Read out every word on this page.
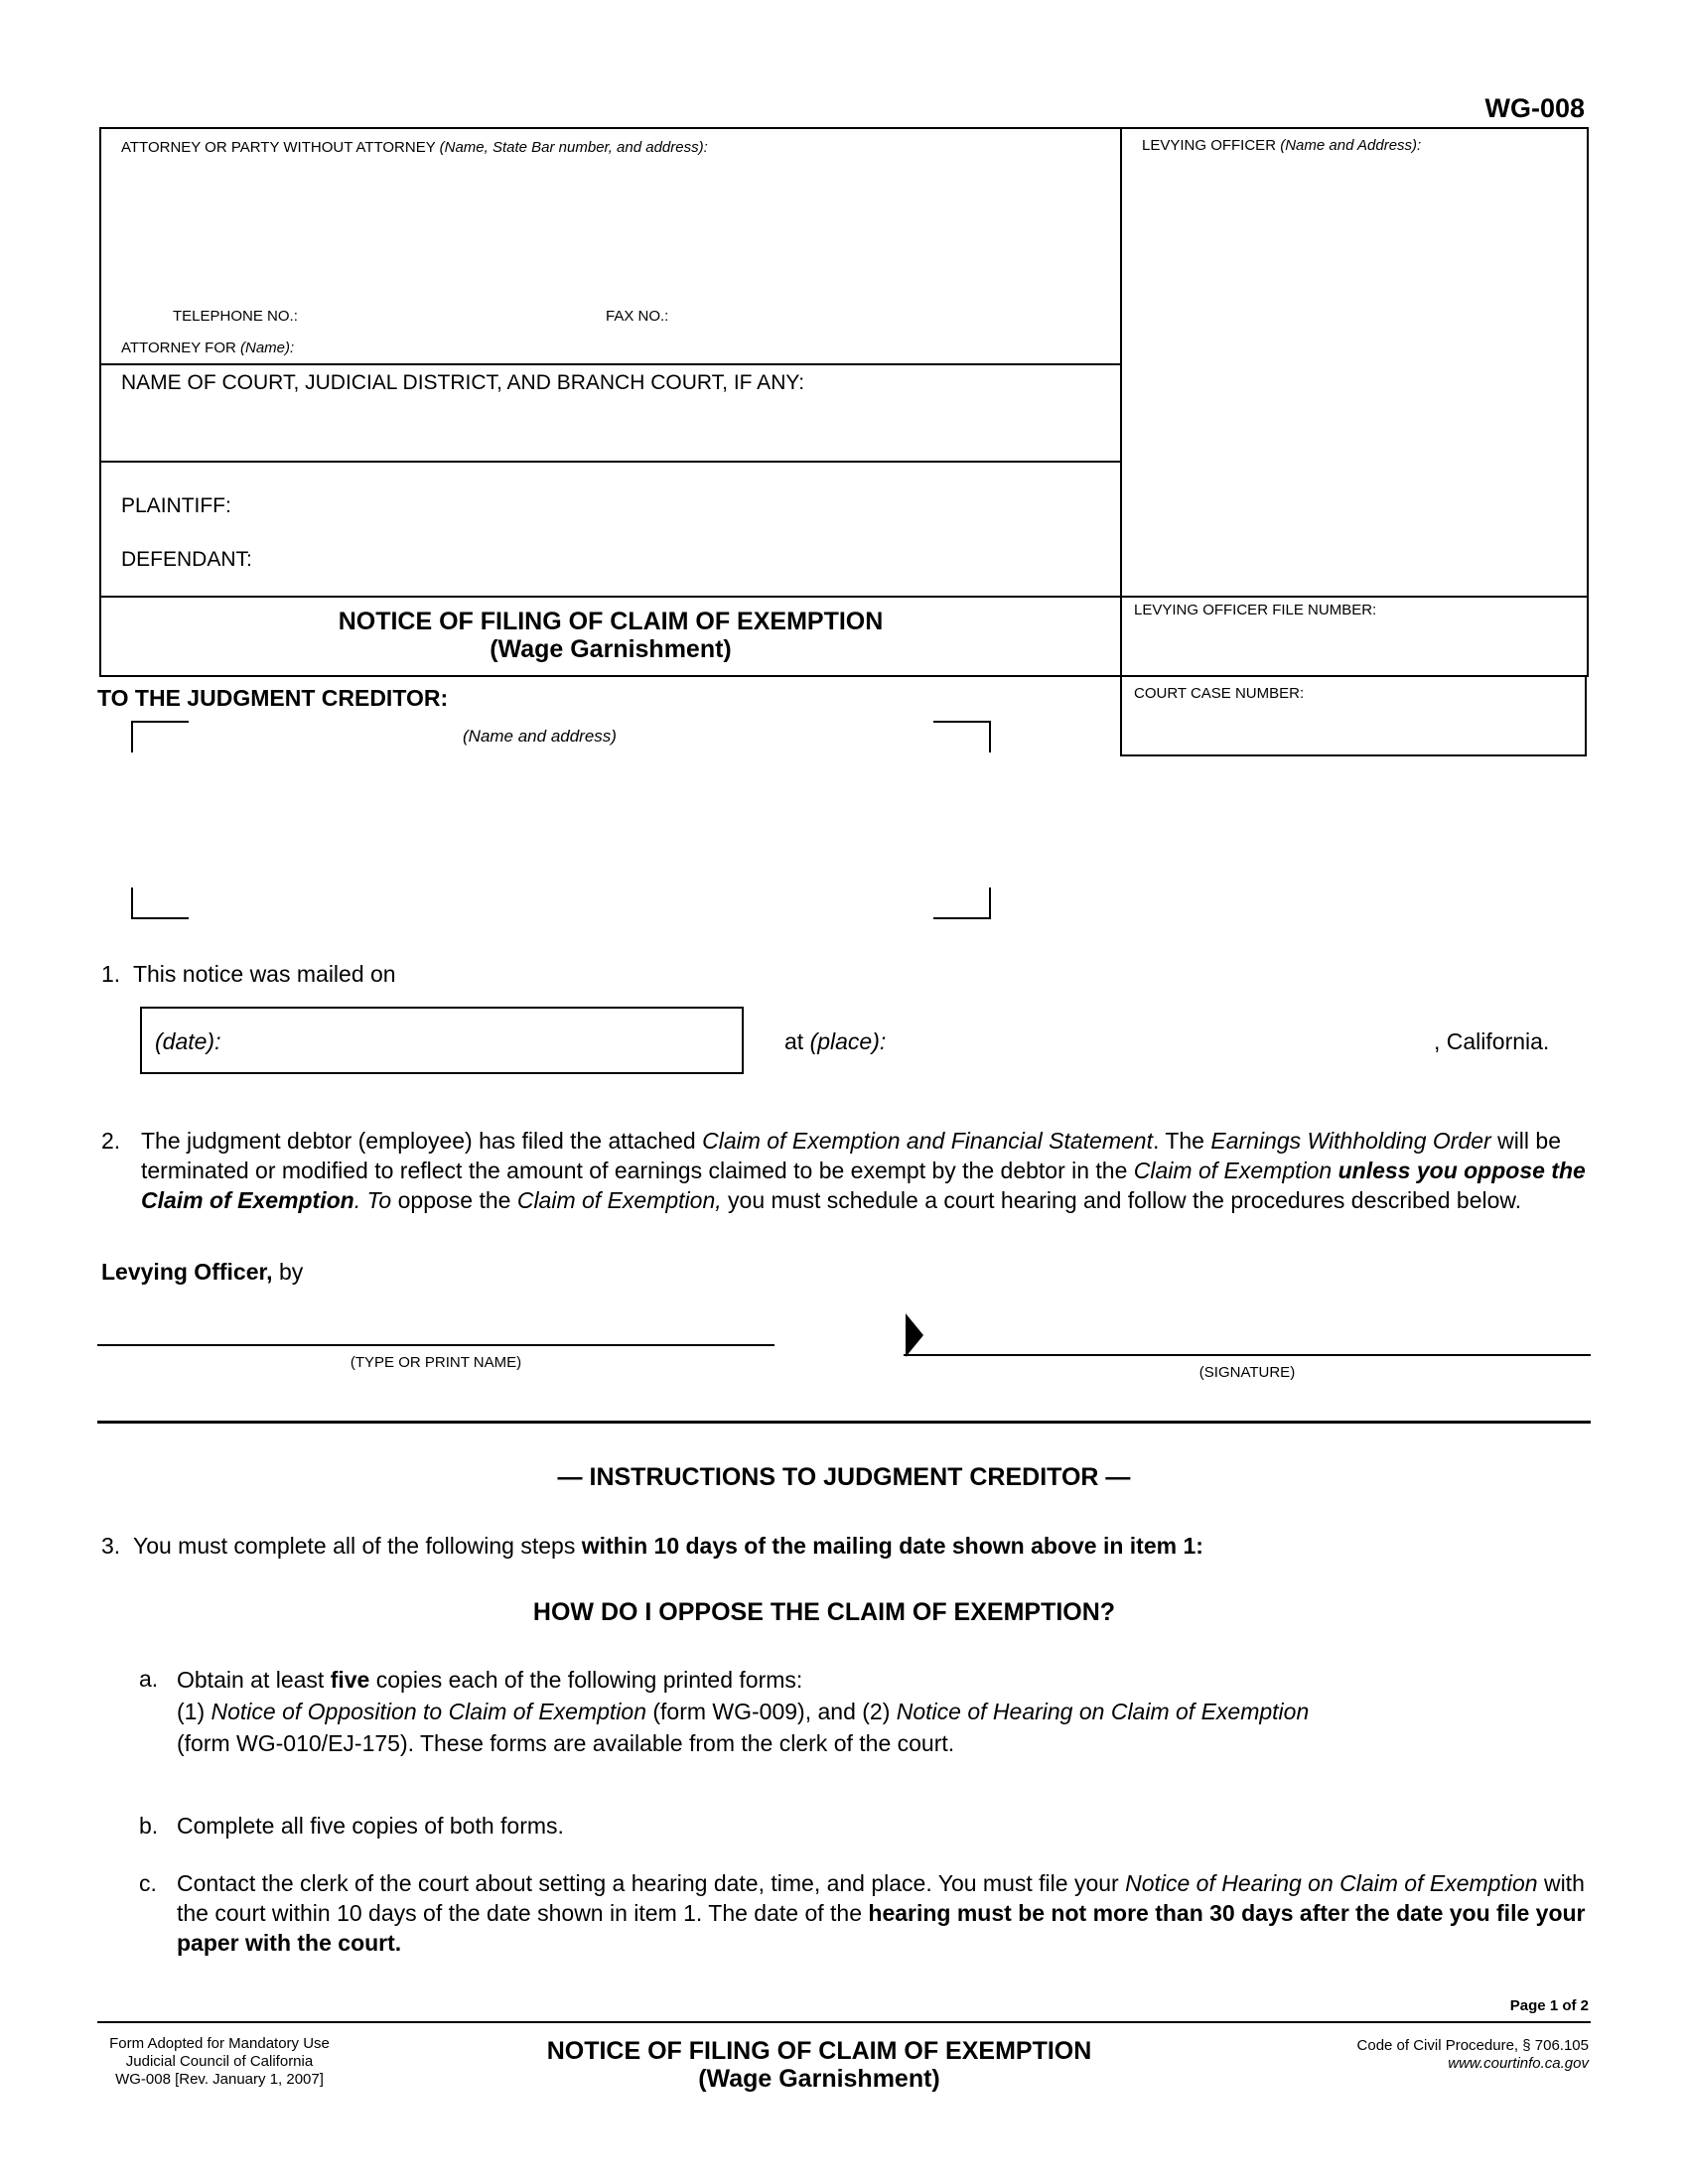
WG-008
ATTORNEY OR PARTY WITHOUT ATTORNEY (Name, State Bar number, and address):
TELEPHONE NO.:	FAX NO.:
ATTORNEY FOR (Name):
NAME OF COURT, JUDICIAL DISTRICT, AND BRANCH COURT, IF ANY:
PLAINTIFF:
DEFENDANT:
NOTICE OF FILING OF CLAIM OF EXEMPTION
(Wage Garnishment)
LEVYING OFFICER (Name and Address):
LEVYING OFFICER FILE NUMBER:
COURT CASE NUMBER:
TO THE JUDGMENT CREDITOR:
(Name and address)
1. This notice was mailed on
(date):	at (place):	, California.
2. The judgment debtor (employee) has filed the attached Claim of Exemption and Financial Statement. The Earnings Withholding Order will be terminated or modified to reflect the amount of earnings claimed to be exempt by the debtor in the Claim of Exemption unless you oppose the Claim of Exemption. To oppose the Claim of Exemption, you must schedule a court hearing and follow the procedures described below.
Levying Officer, by
(TYPE OR PRINT NAME)
(SIGNATURE)
— INSTRUCTIONS TO JUDGMENT CREDITOR —
3. You must complete all of the following steps within 10 days of the mailing date shown above in item 1:
HOW DO I OPPOSE THE CLAIM OF EXEMPTION?
a. Obtain at least five copies each of the following printed forms:
(1) Notice of Opposition to Claim of Exemption (form WG-009), and (2) Notice of Hearing on Claim of Exemption
(form WG-010/EJ-175). These forms are available from the clerk of the court.
b. Complete all five copies of both forms.
c. Contact the clerk of the court about setting a hearing date, time, and place. You must file your Notice of Hearing on Claim of Exemption with the court within 10 days of the date shown in item 1. The date of the hearing must be not more than 30 days after the date you file your paper with the court.
Page 1 of 2
Form Adopted for Mandatory Use
Judicial Council of California
WG-008 [Rev. January 1, 2007]
NOTICE OF FILING OF CLAIM OF EXEMPTION
(Wage Garnishment)
Code of Civil Procedure, § 706.105
www.courtinfo.ca.gov
